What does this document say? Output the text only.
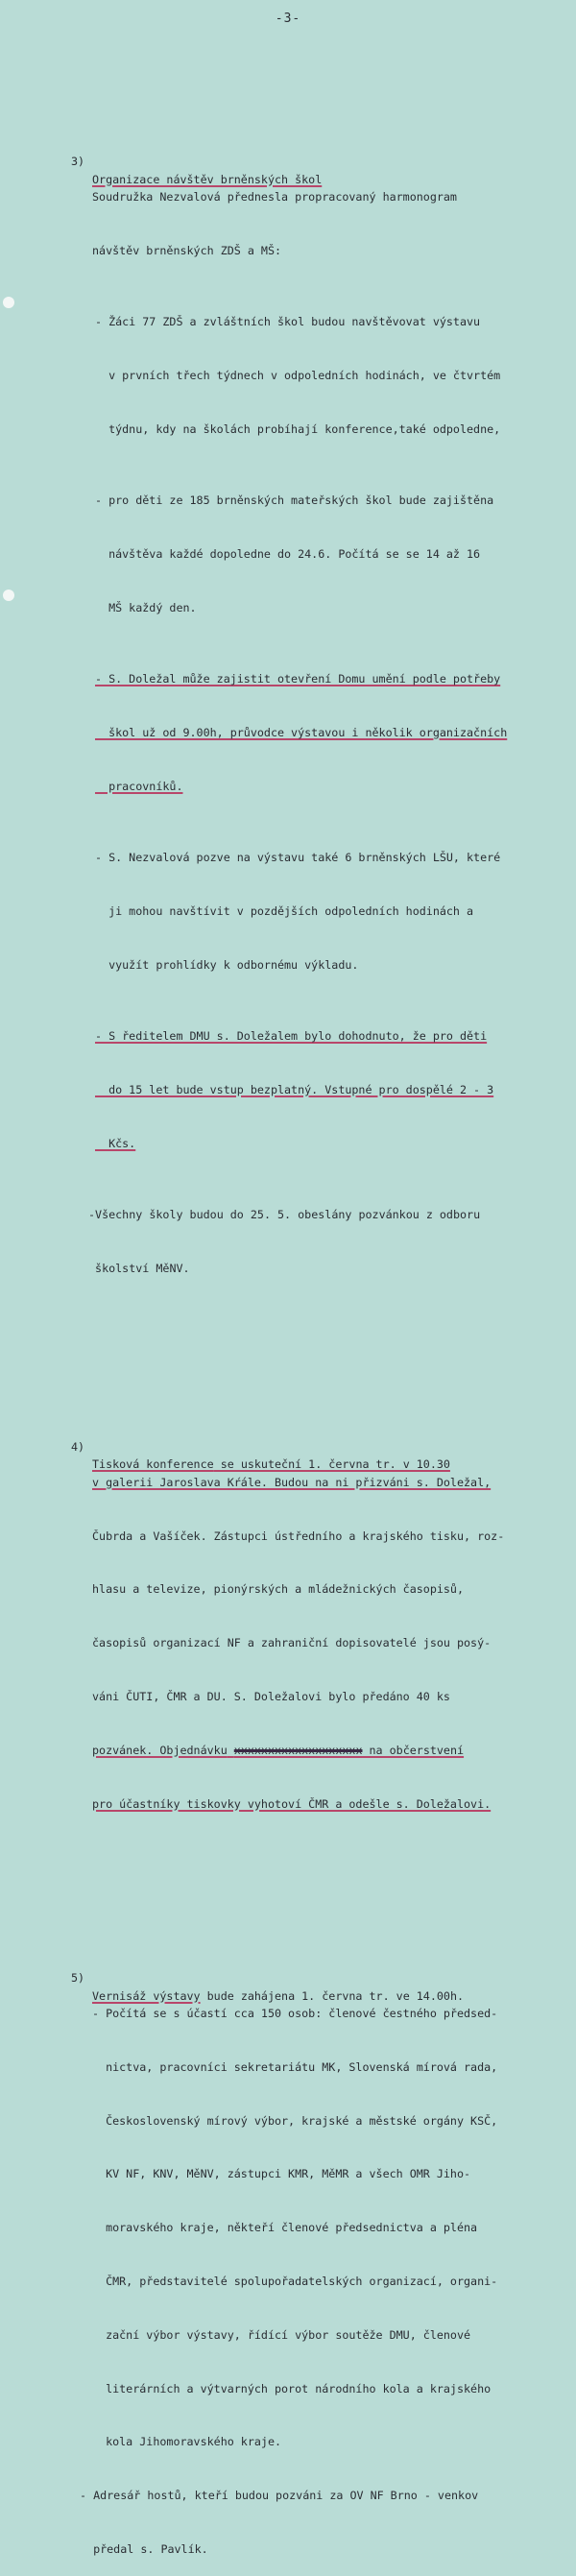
-3-

3)

Organizace návštěv brněnských škol

Soudružka Nezvalová přednesla propracovaný harmonogram

návštěv brněnských ZDŠ a MŠ:

- Žáci 77 ZDŠ a zvláštních škol budou navštěvovat výstavu

v prvních třech týdnech v odpoledních hodinách, ve čtvrtém

týdnu, kdy na školách probíhají konference,také odpoledne,

- pro děti ze 185 brněnských mateřských škol bude zajištěna

návštěva každé dopoledne do 24.6. Počítá se se 14 až 16

MŠ každý den.

- S. Doležal může zajistit otevření Domu umění podle potřeby

škol už od 9.00h, průvodce výstavou i několik organizačních

pracovníků.

- S. Nezvalová pozve na výstavu také 6 brněnských LŠU, které

ji mohou navštívit v pozdějších odpoledních hodinách a

využít prohlídky k odbornému výkladu.

- S ředitelem DMU s. Doležalem bylo dohodnuto, že pro děti

do 15 let bude vstup bezplatný. Vstupné pro dospělé 2 - 3

Kčs.

-Všechny školy budou do 25. 5. obeslány pozvánkou z odboru

školství MěNV.

4)

Tisková konference se uskuteční 1. června tr. v 10.30

v galerii Jaroslava Kŕále. Budou na ni přizváni s. Doležal,

Čubrda a Vašíček. Zástupci ústředního a krajského tisku, roz-

hlasu a televize, pionýrských a mládežnických časopisů,

časopisů organizací NF a zahraniční dopisovatelé jsou posý-

váni ČUTI, ČMR a DU. S. Doležalovi bylo předáno 40 ks

pozvánek. Objednávku xxxxxxxxxxxxxxxxxxx na občerstvení

pro účastníky tiskovky vyhotoví ČMR a odešle s. Doležalovi.

5)

Vernisáž výstavy bude zahájena 1. června tr. ve 14.00h.

- Počítá se s účastí cca 150 osob: členové čestného předsed-

nictva, pracovníci sekretariátu MK, Slovenská mírová rada,

Československý mírový výbor, krajské a městské orgány KSČ,

KV NF, KNV, MěNV, zástupci KMR, MěMR a všech OMR Jiho-

moravského kraje, někteří členové předsednictva a pléna

ČMR, představitelé spolupořadatelských organizací, organi-

zační výbor výstavy, řídící výbor soutěže DMU, členové

literárních a výtvarných porot národního kola a krajského

kola Jihomoravského kraje.

- Adresář hostů, kteří budou pozváni za OV NF Brno - venkov

předal s. Pavlík.
